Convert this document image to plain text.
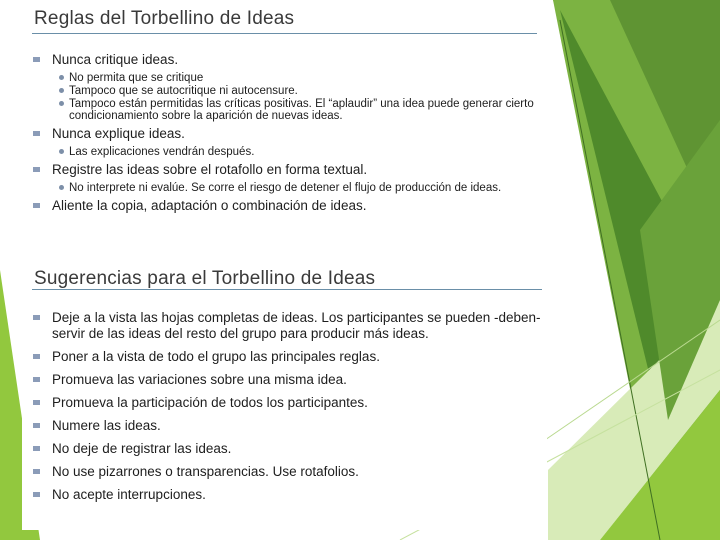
Reglas del Torbellino de Ideas
Nunca critique ideas.
No permita que se critique
Tampoco que se autocritique ni autocensure.
Tampoco están permitidas las críticas positivas. El “aplaudir” una idea puede generar cierto condicionamiento sobre la aparición de nuevas ideas.
Nunca explique ideas.
Las explicaciones vendrán después.
Registre las ideas sobre el rotafollo en forma textual.
No interprete ni evalúe. Se corre el riesgo de detener el flujo de producción de ideas.
Aliente la copia, adaptación o combinación de ideas.
Sugerencias para el Torbellino de Ideas
Deje a la vista las hojas completas de ideas. Los participantes se pueden -deben- servir de las ideas del resto del grupo para producir más ideas.
Poner a la vista de todo el grupo las principales reglas.
Promueva las variaciones sobre una misma idea.
Promueva la participación de todos los participantes.
Numere las ideas.
No deje de registrar las ideas.
No use pizarrones o transparencias. Use rotafolios.
No acepte interrupciones.
